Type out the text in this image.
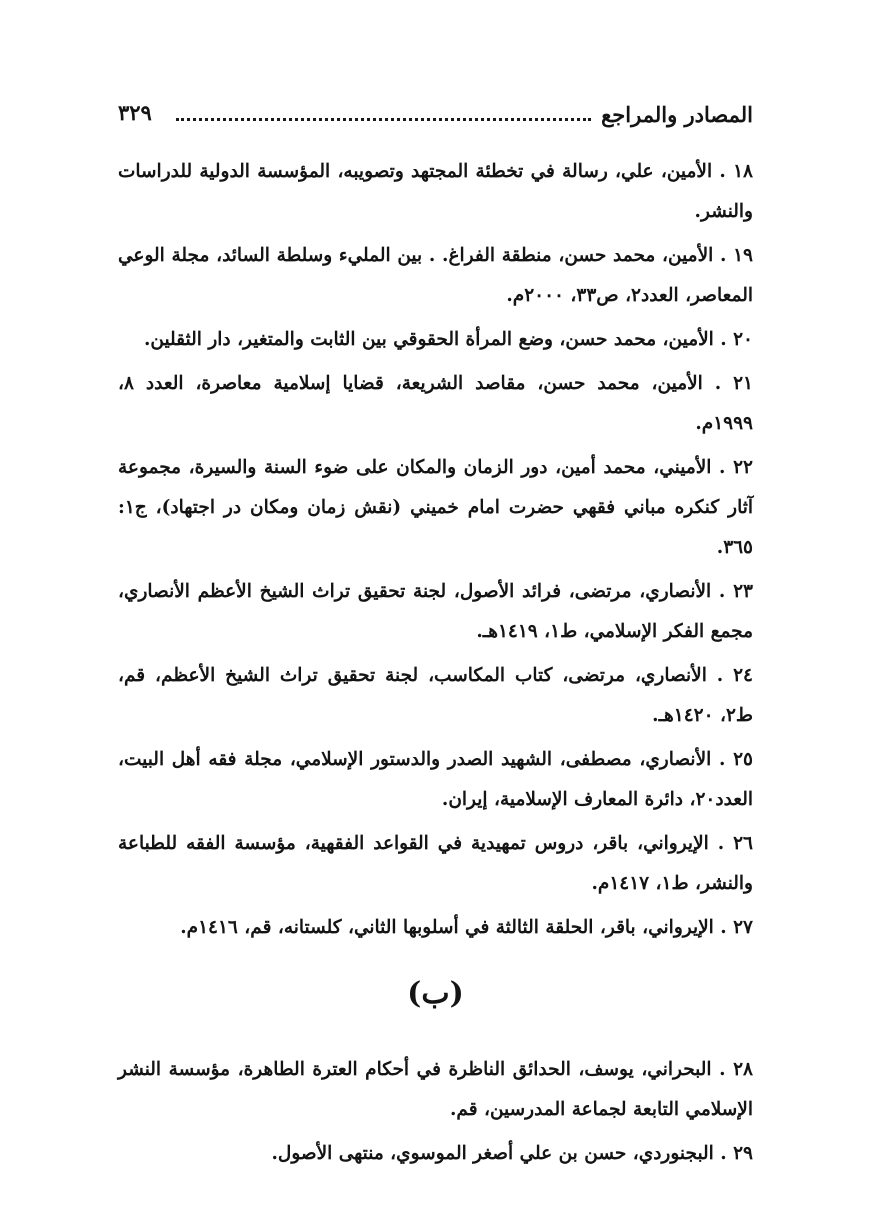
المصادر والمراجع
٣٢٩

١٨ . الأمين، علي، رسالة في تخطئة المجتهد وتصويبه، المؤسسة الدولية للدراسات والنشر.

١٩ . الأمين، محمد حسن، منطقة الفراغ. . بين المليء وسلطة السائد، مجلة الوعي المعاصر، العدد٢، ص٣٣، ٢٠٠٠م.

٢٠ . الأمين، محمد حسن، وضع المرأة الحقوقي بين الثابت والمتغير، دار الثقلين.

٢١ . الأمين، محمد حسن، مقاصد الشريعة، قضايا إسلامية معاصرة، العدد ٨، ١٩٩٩م.

٢٢ . الأميني، محمد أمين، دور الزمان والمكان على ضوء السنة والسيرة، مجموعة آثار كنكره مباني فقهي حضرت امام خميني (نقش زمان ومكان در اجتهاد)، ج١: ٣٦٥.

٢٣ . الأنصاري، مرتضى، فرائد الأصول، لجنة تحقيق تراث الشيخ الأعظم الأنصاري، مجمع الفكر الإسلامي، ط١، ١٤١٩هـ.

٢٤ . الأنصاري، مرتضى، كتاب المكاسب، لجنة تحقيق تراث الشيخ الأعظم، قم، ط٢، ١٤٢٠هـ.

٢٥ . الأنصاري، مصطفى، الشهيد الصدر والدستور الإسلامي، مجلة فقه أهل البيت، العدد٢٠، دائرة المعارف الإسلامية، إيران.

٢٦ . الإيرواني، باقر، دروس تمهيدية في القواعد الفقهية، مؤسسة الفقه للطباعة والنشر، ط١، ١٤١٧م.

٢٧ . الإيرواني، باقر، الحلقة الثالثة في أسلوبها الثاني، كلستانه، قم، ١٤١٦م.

(ب)

٢٨ . البحراني، يوسف، الحدائق الناظرة في أحكام العترة الطاهرة، مؤسسة النشر الإسلامي التابعة لجماعة المدرسين، قم.

٢٩ . البجنوردي، حسن بن علي أصغر الموسوي، منتهى الأصول.
